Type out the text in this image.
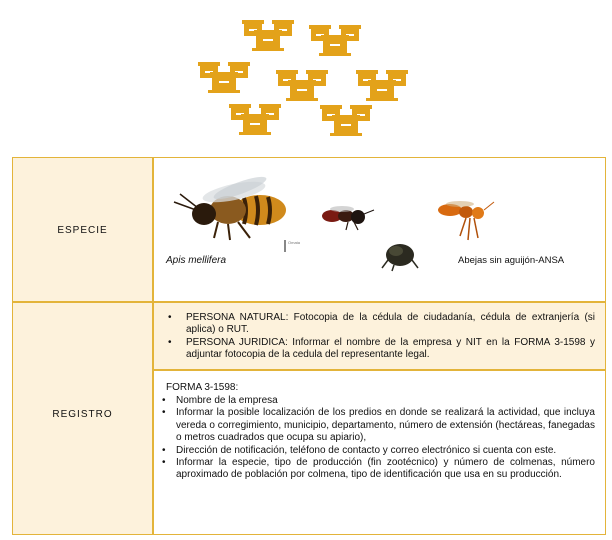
ESPECIE
Omata
Apis mellifera	Abejas sin aguijón-ANSA
REGISTRO
• PERSONA NATURAL: Fotocopia de la cédula de ciudadanía, cédula de extranjería (si aplica) o RUT.
• PERSONA JURIDICA: Informar el nombre de la empresa y NIT en la FORMA 3-1598 y adjuntar fotocopia de la cedula del representante legal.
FORMA 3-1598:
• Nombre de la empresa
• Informar la posible localización de los predios en donde se realizará la actividad, que incluya vereda o corregimiento, municipio, departamento, número de extensión (hectáreas, fanegadas o metros cuadrados que ocupa su apiario),
• Dirección de notificación, teléfono de contacto y correo electrónico si cuenta con este.
• Informar la especie, tipo de producción (fin zootécnico) y número de colmenas, número aproximado de población por colmena, tipo de identificación que usa en su producción.
